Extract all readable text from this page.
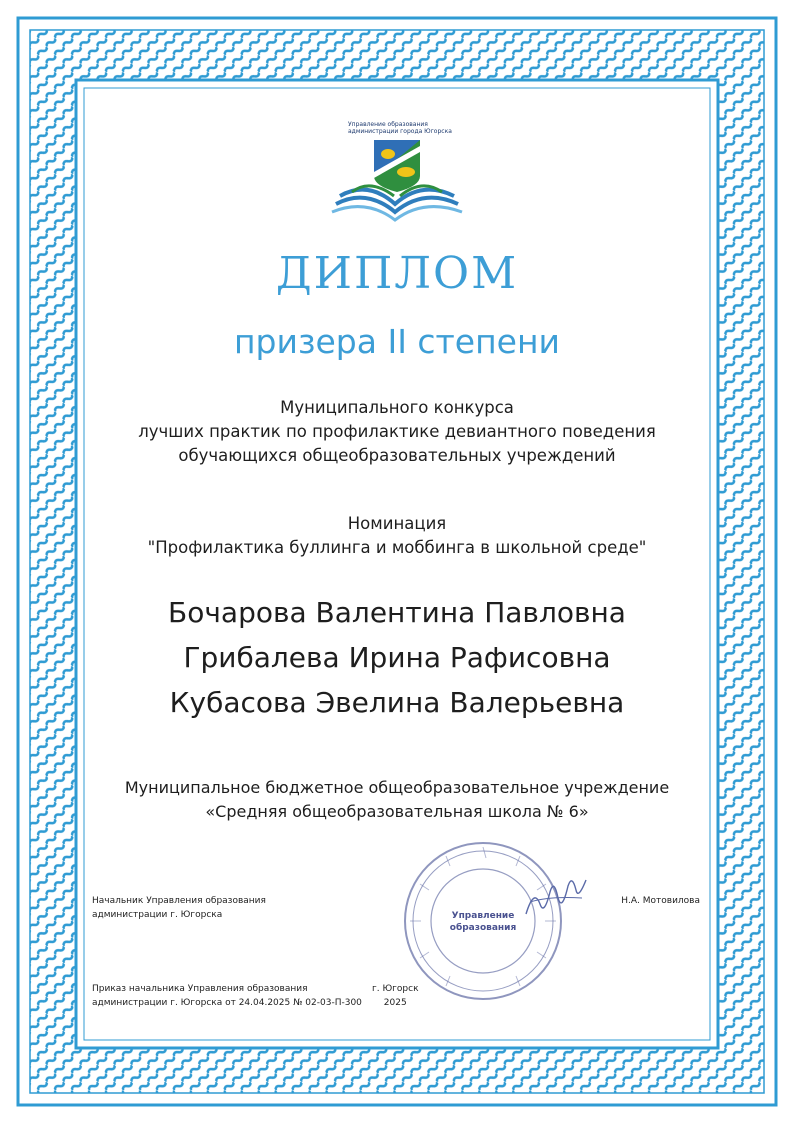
Управление образования
администрации города Югорска
ДИПЛОМ
призера II степени
Муниципального конкурса
лучших практик по профилактике девиантного поведения
обучающихся общеобразовательных учреждений
Номинация
"Профилактика буллинга и моббинга в школьной среде"
Бочарова Валентина Павловна
Грибалева Ирина Рафисовна
Кубасова Эвелина Валерьевна
Муниципальное бюджетное общеобразовательное учреждение
«Средняя общеобразовательная школа № 6»
Управление
образования
Начальник Управления образования
администрации г. Югорска
Н.А. Мотовилова
Приказ начальника Управления образования
администрации г. Югорска от 24.04.2025 № 02-03-П-300
г. Югорск
2025
